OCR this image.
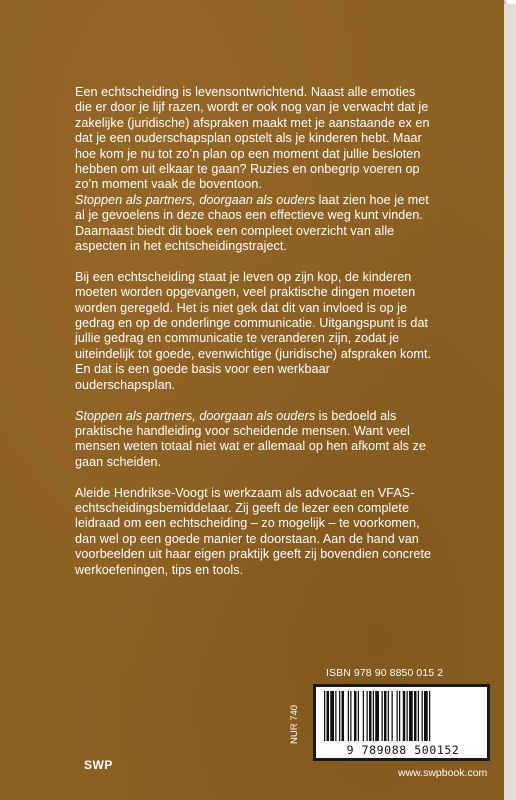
Een echtscheiding is levensontwrichtend. Naast alle emoties die er door je lijf razen, wordt er ook nog van je verwacht dat je zakelijke (juridische) afspraken maakt met je aanstaande ex en dat je een ouderschapsplan opstelt als je kinderen hebt. Maar hoe kom je nu tot zo’n plan op een moment dat jullie besloten hebben om uit elkaar te gaan? Ruzies en onbegrip voeren op zo’n moment vaak de boventoon.

Stoppen als partners, doorgaan als ouders laat zien hoe je met al je gevoelens in deze chaos een effectieve weg kunt vinden. Daarnaast biedt dit boek een compleet overzicht van alle aspecten in het echtscheidingstraject.

Bij een echtscheiding staat je leven op zijn kop, de kinderen moeten worden opgevangen, veel praktische dingen moeten worden geregeld. Het is niet gek dat dit van invloed is op je gedrag en op de onderlinge communicatie. Uitgangspunt is dat jullie gedrag en communicatie te veranderen zijn, zodat je uiteindelijk tot goede, evenwichtige (juridische) afspraken komt. En dat is een goede basis voor een werkbaar ouderschapsplan.

Stoppen als partners, doorgaan als ouders is bedoeld als praktische handleiding voor scheidende mensen. Want veel mensen weten totaal niet wat er allemaal op hen afkomt als ze gaan scheiden.

Aleide Hendrikse-Voogt is werkzaam als advocaat en VFAS-echtscheidingsbemiddelaar. Zij geeft de lezer een complete leidraad om een echtscheiding – zo mogelijk – te voorkomen, dan wel op een goede manier te doorstaan. Aan de hand van voorbeelden uit haar eigen praktijk geeft zij bovendien concrete werkoefeningen, tips en tools.

ISBN 978 90 8850 015 2
9 789088 500152
NUR 740
SWP
www.swpbook.com
